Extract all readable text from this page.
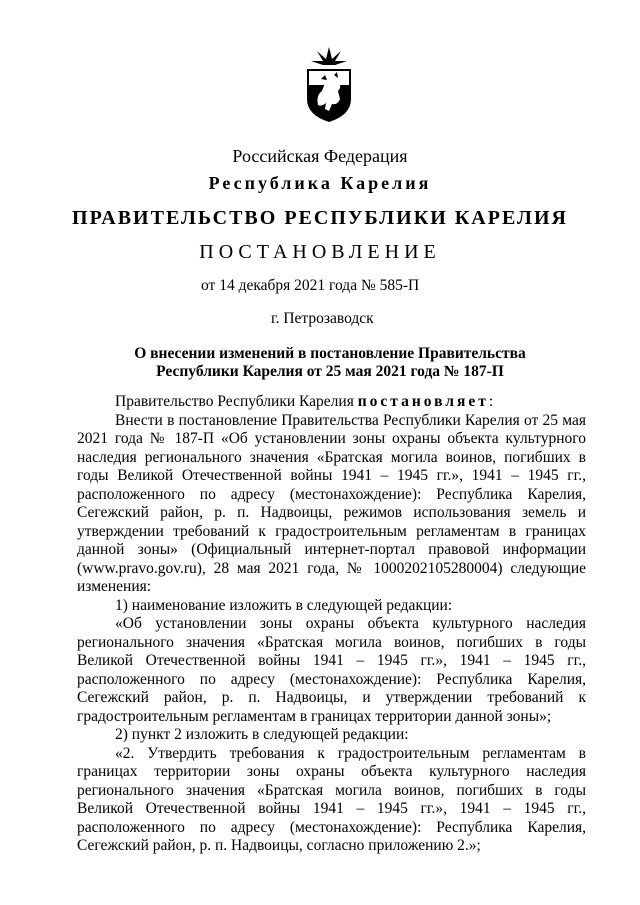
Российская Федерация
Республика Карелия
ПРАВИТЕЛЬСТВО РЕСПУБЛИКИ КАРЕЛИЯ
ПОСТАНОВЛЕНИЕ
от 14 декабря 2021 года № 585-П
г. Петрозаводск
О внесении изменений в постановление Правительства
Республики Карелия от 25 мая 2021 года № 187-П

Правительство Республики Карелия постановляет:

Внести в постановление Правительства Республики Карелия от 25 мая 2021 года № 187-П «Об установлении зоны охраны объекта культурного наследия регионального значения «Братская могила воинов, погибших в годы Великой Отечественной войны 1941 – 1945 гг.», 1941 – 1945 гг., расположенного по адресу (местонахождение): Республика Карелия, Сегежский район, р. п. Надвоицы, режимов использования земель и утверждении требований к градостроительным регламентам в границах данной зоны» (Официальный интернет-портал правовой информации (www.pravo.gov.ru), 28 мая 2021 года, № 1000202105280004) следующие изменения:

1) наименование изложить в следующей редакции:

«Об установлении зоны охраны объекта культурного наследия регионального значения «Братская могила воинов, погибших в годы Великой Отечественной войны 1941 – 1945 гг.», 1941 – 1945 гг., расположенного по адресу (местонахождение): Республика Карелия, Сегежский район, р. п. Надвоицы, и утверждении требований к градостроительным регламентам в границах территории данной зоны»;

2) пункт 2 изложить в следующей редакции:

«2. Утвердить требования к градостроительным регламентам в границах территории зоны охраны объекта культурного наследия регионального значения «Братская могила воинов, погибших в годы Великой Отечественной войны 1941 – 1945 гг.», 1941 – 1945 гг., расположенного по адресу (местонахождение): Республика Карелия, Сегежский район, р. п. Надвоицы, согласно приложению 2.»;
